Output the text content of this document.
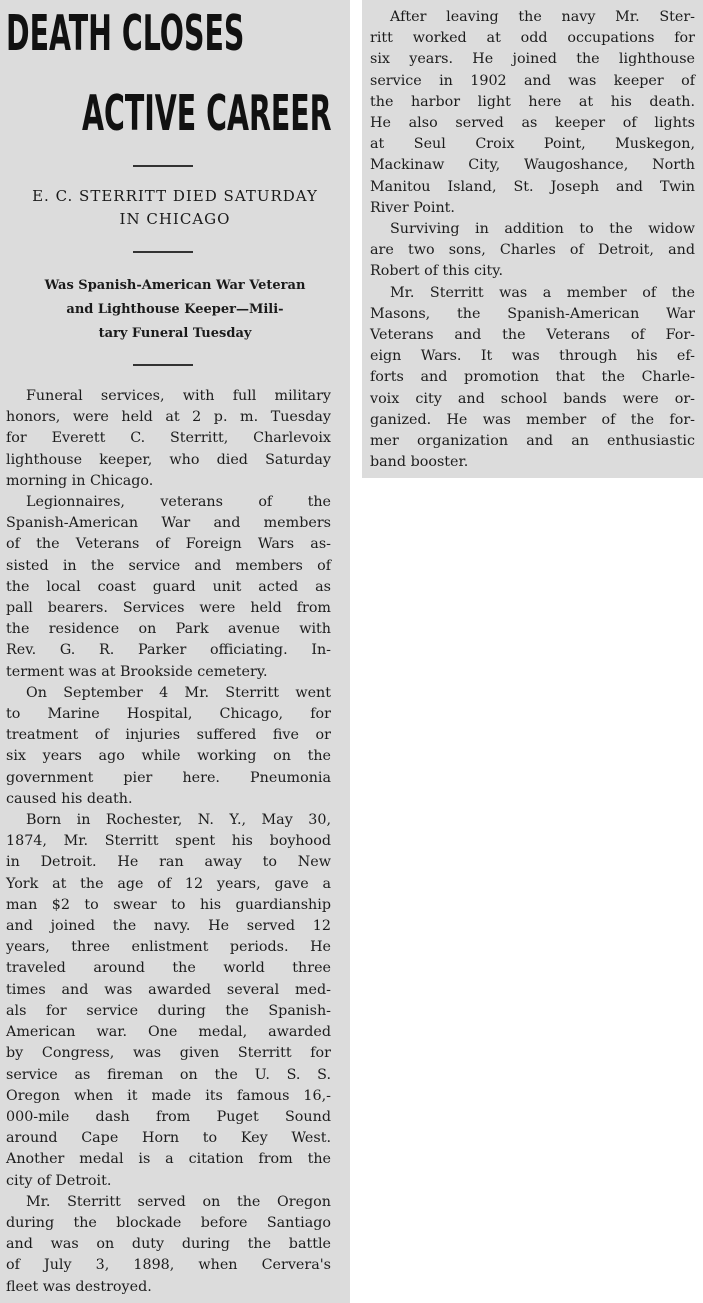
DEATH CLOSES
ACTIVE CAREER
E. C. STERRITT DIED SATURDAY
IN CHICAGO
Was Spanish-American War Veteran
and Lighthouse Keeper—Mili-
tary Funeral Tuesday
Funeral services, with full military
honors, were held at 2 p. m. Tuesday
for Everett C. Sterritt, Charlevoix
lighthouse keeper, who died Saturday
morning in Chicago.
Legionnaires, veterans of the
Spanish-American War and members
of the Veterans of Foreign Wars as-
sisted in the service and members of
the local coast guard unit acted as
pall bearers. Services were held from
the residence on Park avenue with
Rev. G. R. Parker officiating. In-
terment was at Brookside cemetery.
On September 4 Mr. Sterritt went
to Marine Hospital, Chicago, for
treatment of injuries suffered five or
six years ago while working on the
government pier here. Pneumonia
caused his death.
Born in Rochester, N. Y., May 30,
1874, Mr. Sterritt spent his boyhood
in Detroit. He ran away to New
York at the age of 12 years, gave a
man $2 to swear to his guardianship
and joined the navy. He served 12
years, three enlistment periods. He
traveled around the world three
times and was awarded several med-
als for service during the Spanish-
American war. One medal, awarded
by Congress, was given Sterritt for
service as fireman on the U. S. S.
Oregon when it made its famous 16,-
000-mile dash from Puget Sound
around Cape Horn to Key West.
Another medal is a citation from the
city of Detroit.
Mr. Sterritt served on the Oregon
during the blockade before Santiago
and was on duty during the battle
of July 3, 1898, when Cervera's
fleet was destroyed.
After leaving the navy Mr. Ster-
ritt worked at odd occupations for
six years. He joined the lighthouse
service in 1902 and was keeper of
the harbor light here at his death.
He also served as keeper of lights
at Seul Croix Point, Muskegon,
Mackinaw City, Waugoshance, North
Manitou Island, St. Joseph and Twin
River Point.
Surviving in addition to the widow
are two sons, Charles of Detroit, and
Robert of this city.
Mr. Sterritt was a member of the
Masons, the Spanish-American War
Veterans and the Veterans of For-
eign Wars. It was through his ef-
forts and promotion that the Charle-
voix city and school bands were or-
ganized. He was member of the for-
mer organization and an enthusiastic
band booster.
